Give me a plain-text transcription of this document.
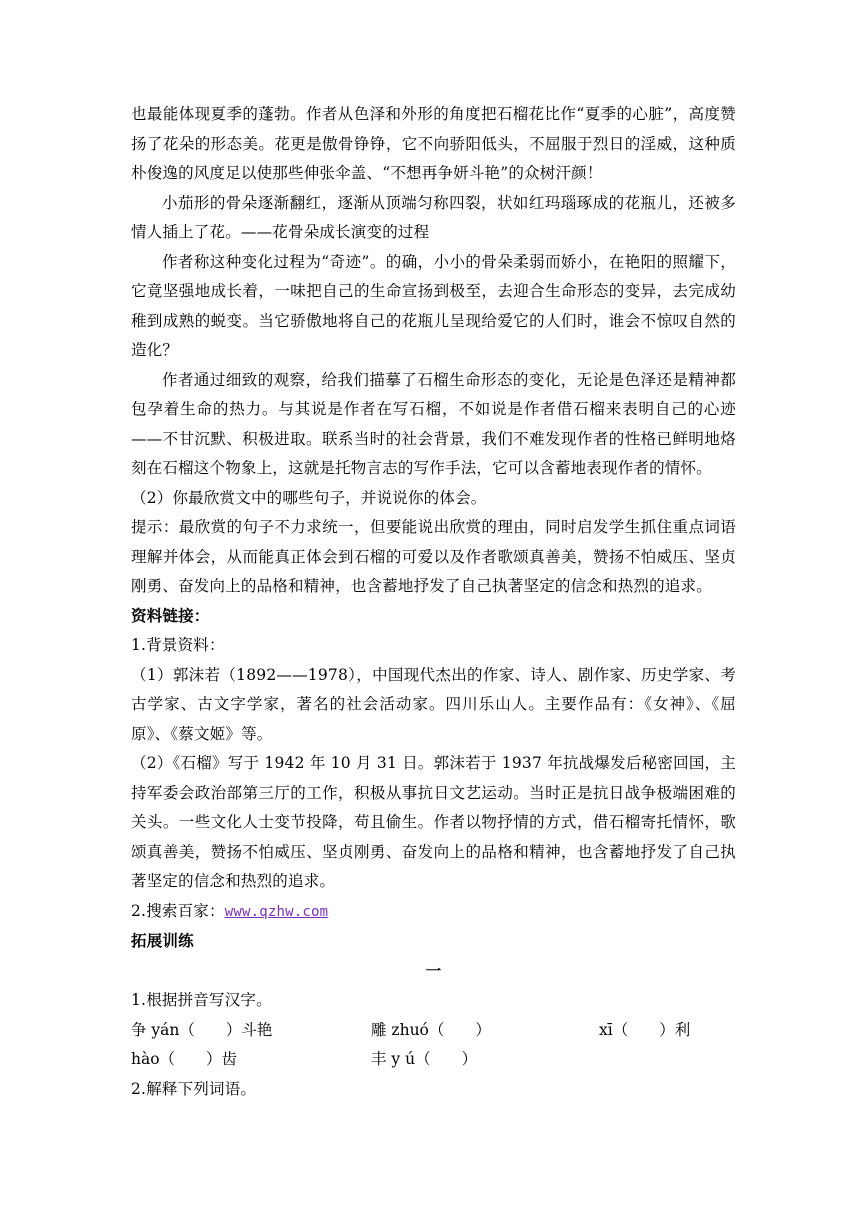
也最能体现夏季的蓬勃。作者从色泽和外形的角度把石榴花比作“夏季的心脏”，高度赞扬了花朵的形态美。花更是傲骨铮铮，它不向骄阳低头，不屈服于烈日的淫威，这种质朴俊逸的风度足以使那些伸张伞盖、“不想再争妍斗艳”的众树汗颜！

小茄形的骨朵逐渐翻红，逐渐从顶端匀称四裂，状如红玛瑙琢成的花瓶儿，还被多情人插上了花。——花骨朵成长演变的过程

作者称这种变化过程为“奇迹”。的确，小小的骨朵柔弱而娇小，在艳阳的照耀下，它竟坚强地成长着，一味把自己的生命宣扬到极至，去迎合生命形态的变异，去完成幼稚到成熟的蜕变。当它骄傲地将自己的花瓶儿呈现给爱它的人们时，谁会不惊叹自然的造化？

作者通过细致的观察，给我们描摹了石榴生命形态的变化，无论是色泽还是精神都包孕着生命的热力。与其说是作者在写石榴，不如说是作者借石榴来表明自己的心迹——不甘沉默、积极进取。联系当时的社会背景，我们不难发现作者的性格已鲜明地烙刻在石榴这个物象上，这就是托物言志的写作手法，它可以含蓄地表现作者的情怀。

（2）你最欣赏文中的哪些句子，并说说你的体会。

提示：最欣赏的句子不力求统一，但要能说出欣赏的理由，同时启发学生抓住重点词语理解并体会，从而能真正体会到石榴的可爱以及作者歌颂真善美，赞扬不怕威压、坚贞刚勇、奋发向上的品格和精神，也含蓄地抒发了自己执著坚定的信念和热烈的追求。

资料链接：

1.背景资料：

（1）郭沫若（1892——1978），中国现代杰出的作家、诗人、剧作家、历史学家、考古学家、古文字学家，著名的社会活动家。四川乐山人。主要作品有：《女神》、《屈原》、《蔡文姬》等。

（2）《石榴》写于 1942 年 10 月 31 日。郭沫若于 1937 年抗战爆发后秘密回国，主持军委会政治部第三厅的工作，积极从事抗日文艺运动。当时正是抗日战争极端困难的关头。一些文化人士变节投降，苟且偷生。作者以物抒情的方式，借石榴寄托情怀，歌颂真善美，赞扬不怕威压、坚贞刚勇、奋发向上的品格和精神，也含蓄地抒发了自己执著坚定的信念和热烈的追求。

2.搜索百家：www.qzhw.com

拓展训练

一

1.根据拼音写汉字。

争 yán（　　）斗艳	雕 zhuó（　　）	xī（　　）利
hào（　　）齿	丰 y ú（　　）

2.解释下列词语。
